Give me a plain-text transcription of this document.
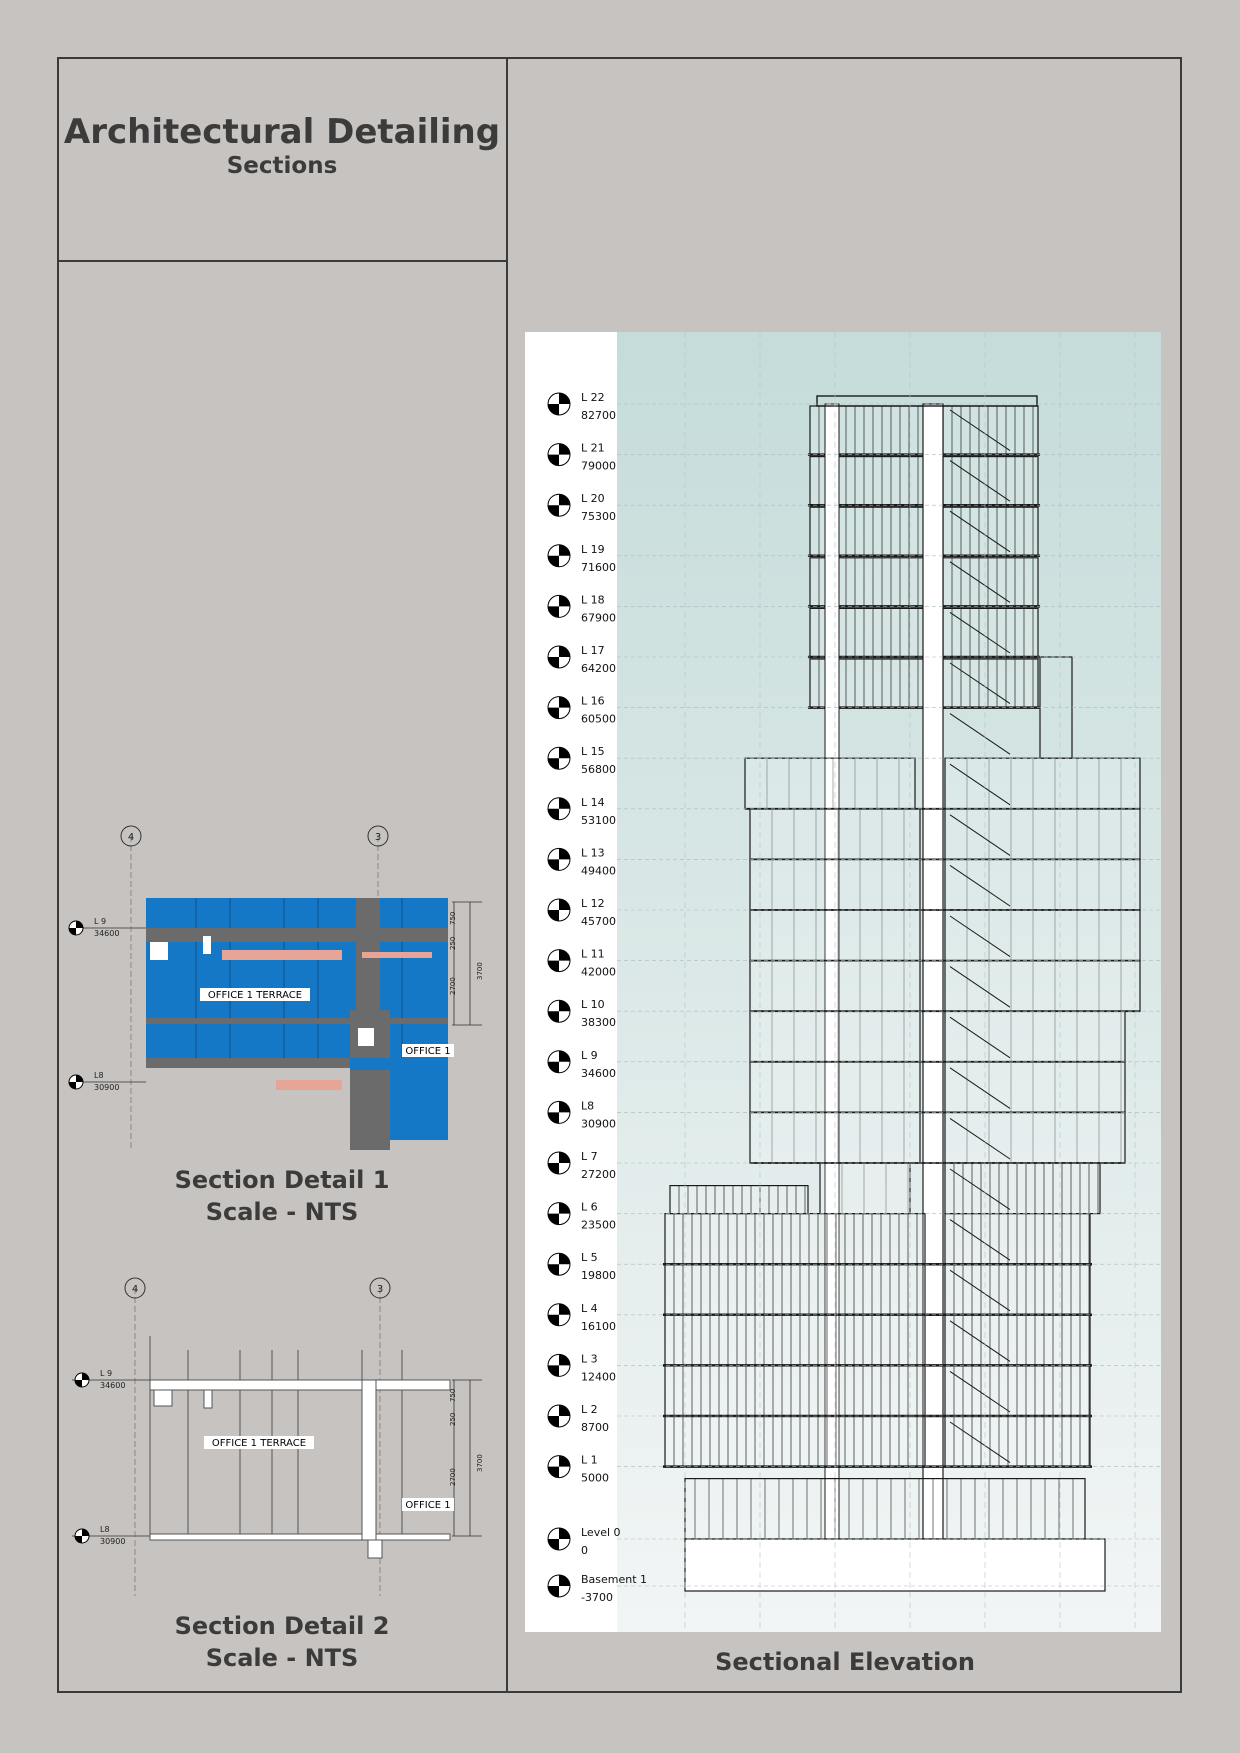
Architectural Detailing
Sections
4	3
750
250
2700
3700
L 9
34600
L8
30900
OFFICE 1 TERRACE
OFFICE 1
Section Detail 1
Scale - NTS
4	3
750
250
2700
3700
L 9
34600
L8
30900
OFFICE 1 TERRACE
OFFICE 1
Section Detail 2
Scale - NTS
L 22
82700
L 21
79000
L 20
75300
L 19
71600
L 18
67900
L 17
64200
L 16
60500
L 15
56800
L 14
53100
L 13
49400
L 12
45700
L 11
42000
L 10
38300
L 9
34600
L8
30900
L 7
27200
L 6
23500
L 5
19800
L 4
16100
L 3
12400
L 2
8700
L 1
5000
Level 0
0
Basement 1
-3700
Sectional Elevation
